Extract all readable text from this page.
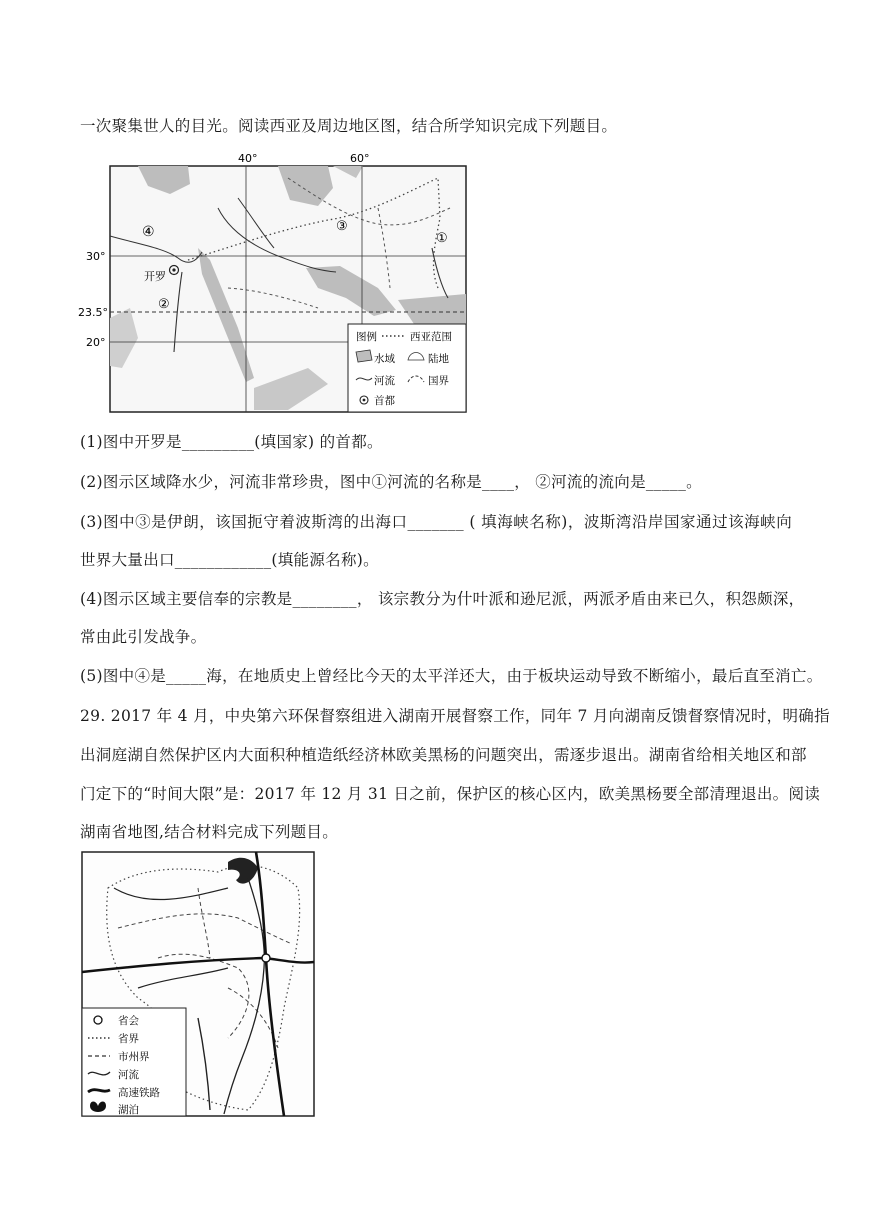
一次聚集世人的目光。阅读西亚及周边地区图，结合所学知识完成下列题目。
40°	60°
30°
23.5°
20°
开罗
④	③
②
①
图例	西亚范围
水域	陆地
河流	国界
首都
(1)图中开罗是_________(填国家) 的首都。
(2)图示区域降水少，河流非常珍贵，图中①河流的名称是____， ②河流的流向是_____。
(3)图中③是伊朗，该国扼守着波斯湾的出海口_______ ( 填海峡名称)，波斯湾沿岸国家通过该海峡向
世界大量出口____________(填能源名称)。
(4)图示区域主要信奉的宗教是________， 该宗教分为什叶派和逊尼派，两派矛盾由来已久，积怨颇深，
常由此引发战争。
(5)图中④是_____海，在地质史上曾经比今天的太平洋还大，由于板块运动导致不断缩小，最后直至消亡。
29. 2017 年 4 月，中央第六环保督察组进入湖南开展督察工作，同年 7 月向湖南反馈督察情况时，明确指
出洞庭湖自然保护区内大面积种植造纸经济林欧美黑杨的问题突出，需逐步退出。湖南省给相关地区和部
门定下的“时间大限”是：2017 年 12 月 31 日之前，保护区的核心区内，欧美黑杨要全部清理退出。阅读
湖南省地图,结合材料完成下列题目。
省会
省界
市州界
河流
高速铁路
湖泊
